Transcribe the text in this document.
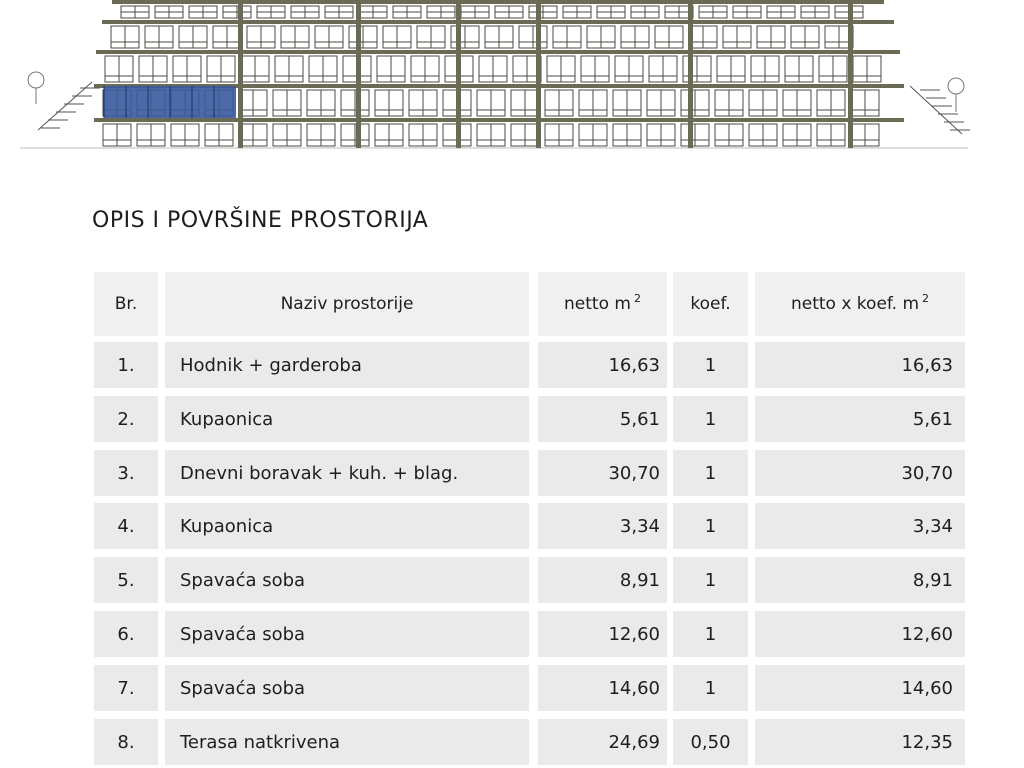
OPIS I POVRŠINE PROSTORIJA
Br.	Naziv prostorije	netto m $^2$	koef.	netto x koef. m $^2$
1.	Hodnik + garderoba	16,63	1	16,63
2.	Kupaonica	5,61	1	5,61
3.	Dnevni boravak + kuh. + blag.	30,70	1	30,70
4.	Kupaonica	3,34	1	3,34
5.	Spavaća soba	8,91	1	8,91
6.	Spavaća soba	12,60	1	12,60
7.	Spavaća soba	14,60	1	14,60
8.	Terasa natkrivena	24,69	0,50	12,35
